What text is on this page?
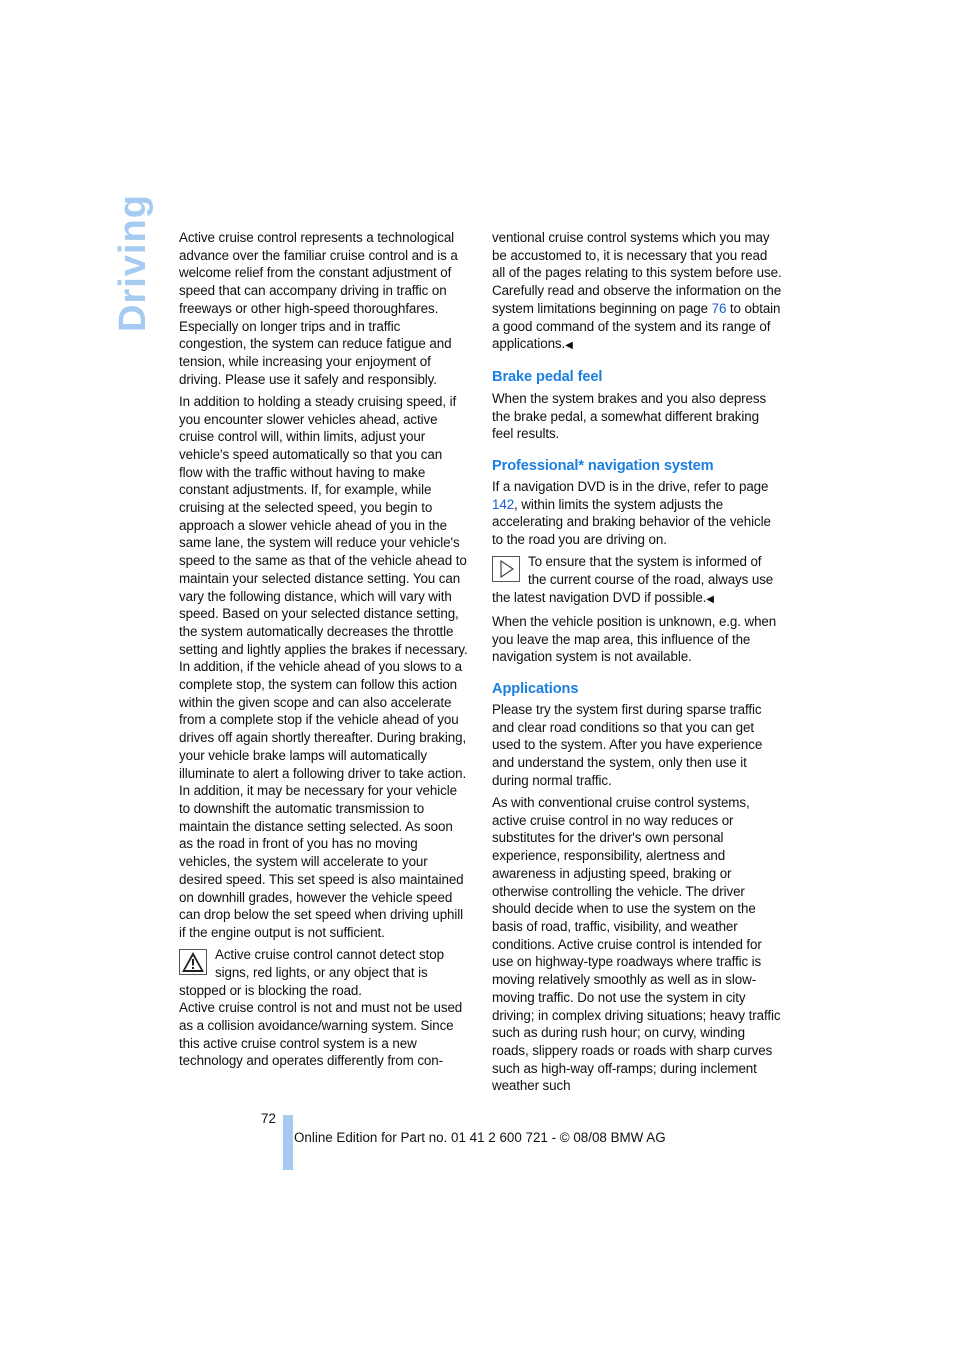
Driving Active cruise control represents a technological advance over the familiar cruise control and is a welcome relief from the constant adjustment of speed that can accompany driving in traffic on freeways or other high-speed thoroughfares. Especially on longer trips and in traffic congestion, the system can reduce fatigue and tension, while increasing your enjoyment of driving. Please use it safely and responsibly.

In addition to holding a steady cruising speed, if you encounter slower vehicles ahead, active cruise control will, within limits, adjust your vehicle's speed automatically so that you can flow with the traffic without having to make constant adjustments. If, for example, while cruising at the selected speed, you begin to approach a slower vehicle ahead of you in the same lane, the system will reduce your vehicle's speed to the same as that of the vehicle ahead to maintain your selected distance setting. You can vary the following distance, which will vary with speed. Based on your selected distance setting, the system automatically decreases the throttle setting and lightly applies the brakes if necessary. In addition, if the vehicle ahead of you slows to a complete stop, the system can follow this action within the given scope and can also accelerate from a complete stop if the vehicle ahead of you drives off again shortly thereafter. During braking, your vehicle brake lamps will automatically illuminate to alert a following driver to take action. In addition, it may be necessary for your vehicle to downshift the automatic transmission to maintain the distance setting selected. As soon as the road in front of you has no moving vehicles, the system will accelerate to your desired speed. This set speed is also maintained on downhill grades, however the vehicle speed can drop below the set speed when driving uphill if the engine output is not sufficient.

Active cruise control cannot detect stop signs, red lights, or any object that is stopped or is blocking the road.

Active cruise control is not and must not be used as a collision avoidance/warning system. Since this active cruise control system is a new technology and operates differently from con-

ventional cruise control systems which you may be accustomed to, it is necessary that you read all of the pages relating to this system before use. Carefully read and observe the information on the system limitations beginning on page 76 to obtain a good command of the system and its range of applications.◀

Brake pedal feel

When the system brakes and you also depress the brake pedal, a somewhat different braking feel results.

Professional* navigation system

If a navigation DVD is in the drive, refer to page 142, within limits the system adjusts the accelerating and braking behavior of the vehicle to the road you are driving on.

To ensure that the system is informed of the current course of the road, always use the latest navigation DVD if possible.◀

When the vehicle position is unknown, e.g. when you leave the map area, this influence of the navigation system is not available.

Applications

Please try the system first during sparse traffic and clear road conditions so that you can get used to the system. After you have experience and understand the system, only then use it during normal traffic.

As with conventional cruise control systems, active cruise control in no way reduces or substitutes for the driver's own personal experience, responsibility, alertness and awareness in adjusting speed, braking or otherwise controlling the vehicle. The driver should decide when to use the system on the basis of road, traffic, visibility, and weather conditions. Active cruise control is intended for use on highway-type roadways where traffic is moving relatively smoothly as well as in slow-moving traffic. Do not use the system in city driving; in complex driving situations; heavy traffic such as during rush hour; on curvy, winding roads, slippery roads or roads with sharp curves such as high-way off-ramps; during inclement weather such

72
Online Edition for Part no. 01 41 2 600 721 - © 08/08 BMW AG
